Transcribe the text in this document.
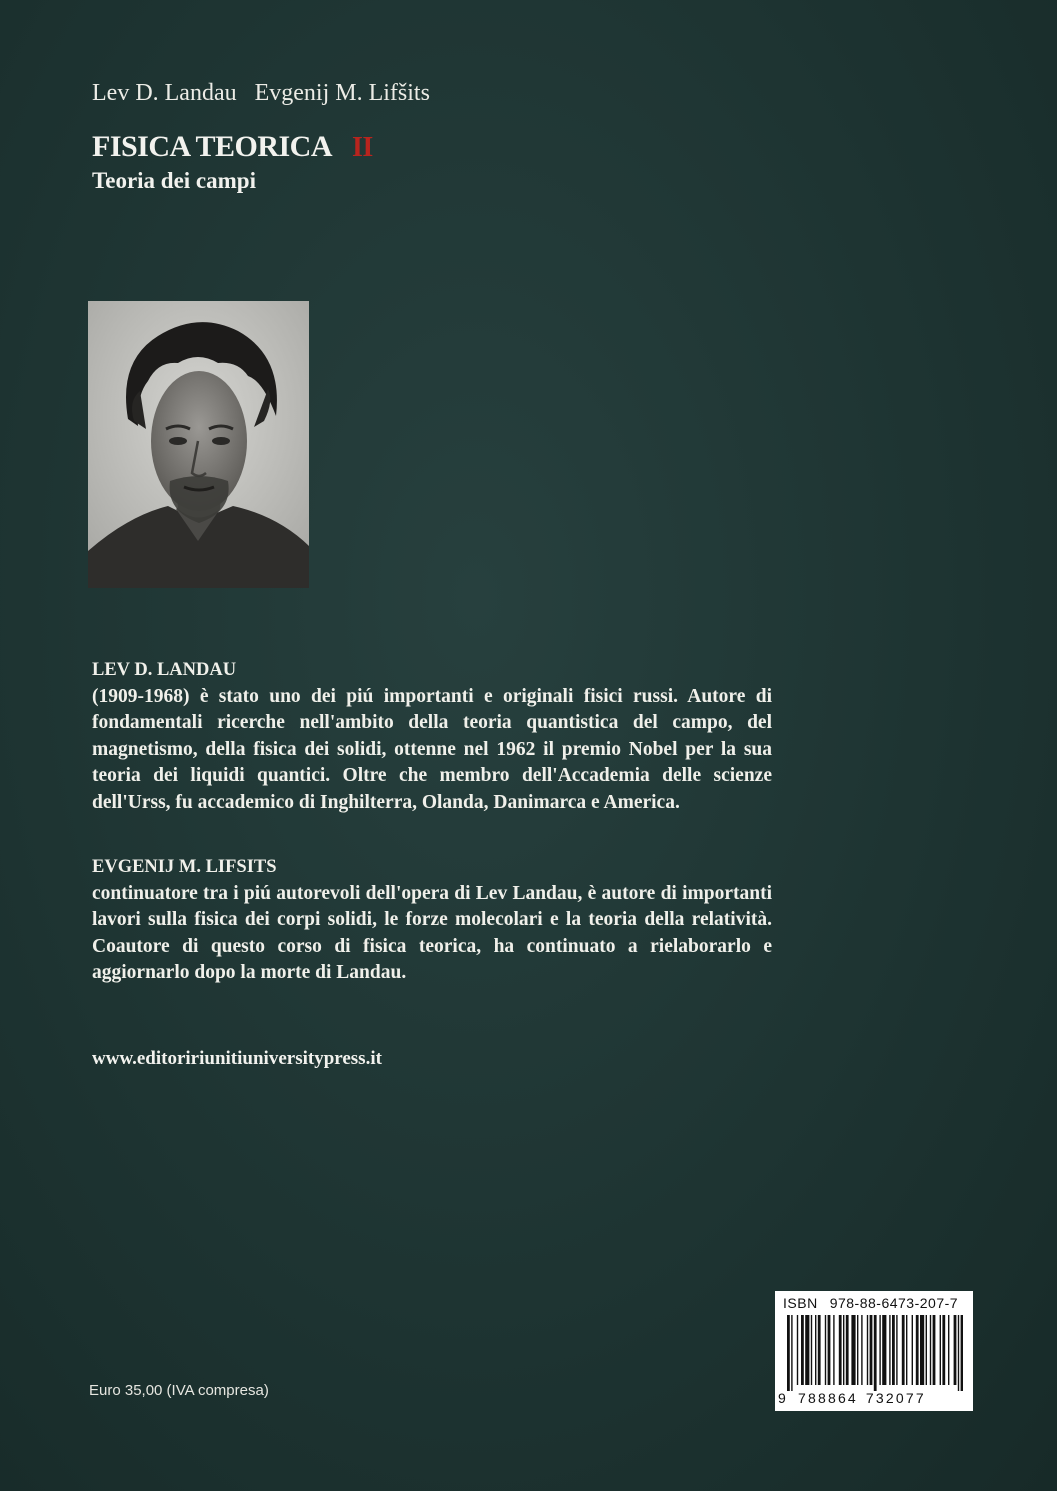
Lev D. Landau Evgenij M. Lifšits
FISICA TEORICA II
Teoria dei campi
LEV D. LANDAU
(1909-1968) è stato uno dei piú importanti e originali fisici russi. Autore di fondamentali ricerche nell'ambito della teoria quantistica del campo, del magnetismo, della fisica dei solidi, ottenne nel 1962 il premio Nobel per la sua teoria dei liquidi quantici. Oltre che membro dell'Accademia delle scienze dell'Urss, fu accademico di Inghilterra, Olanda, Danimarca e America.
EVGENIJ M. LIFSITS
continuatore tra i piú autorevoli dell'opera di Lev Landau, è autore di importanti lavori sulla fisica dei corpi solidi, le forze molecolari e la teoria della relatività. Coautore di questo corso di fisica teorica, ha continuato a rielaborarlo e aggiornarlo dopo la morte di Landau.
www.editoririunitiuniversitypress.it
Euro 35,00 (IVA compresa)
ISBN 978-88-6473-207-7
9 788864 732077
